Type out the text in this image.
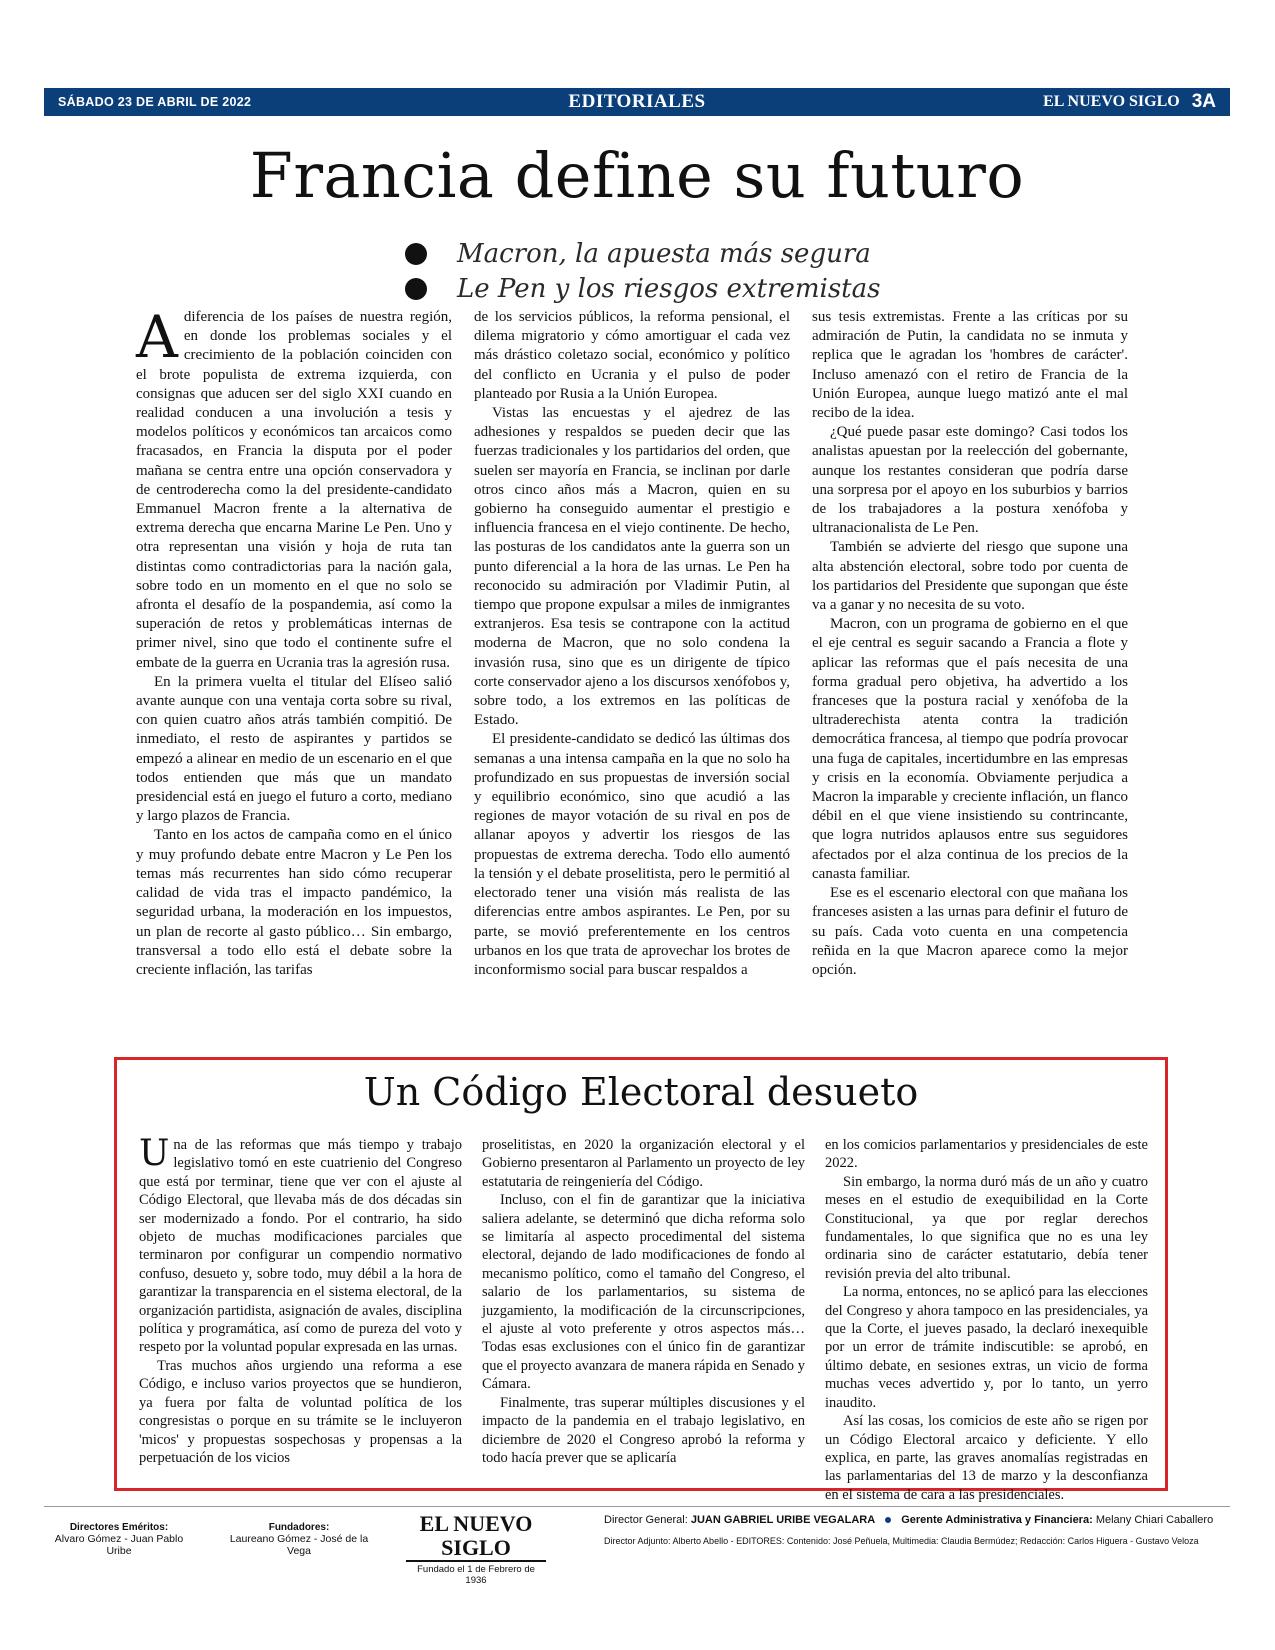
SÁBADO 23 DE ABRIL DE 2022	EDITORIALES	EL NUEVO SIGLO 3A
Francia define su futuro
Macron, la apuesta más segura
Le Pen y los riesgos extremistas

Adiferencia de los países de nuestra región, en donde los problemas sociales y el crecimiento de la población coinciden con el brote populista de extrema izquierda, con consignas que aducen ser del siglo XXI cuando en realidad conducen a una involución a tesis y modelos políticos y económicos tan arcaicos como fracasados, en Francia la disputa por el poder mañana se centra entre una opción conservadora y de centroderecha como la del presidente-candidato Emmanuel Macron frente a la alternativa de extrema derecha que encarna Marine Le Pen. Uno y otra representan una visión y hoja de ruta tan distintas como contradictorias para la nación gala, sobre todo en un momento en el que no solo se afronta el desafío de la pospandemia, así como la superación de retos y problemáticas internas de primer nivel, sino que todo el continente sufre el embate de la guerra en Ucrania tras la agresión rusa.

En la primera vuelta el titular del Elíseo salió avante aunque con una ventaja corta sobre su rival, con quien cuatro años atrás también compitió. De inmediato, el resto de aspirantes y partidos se empezó a alinear en medio de un escenario en el que todos entienden que más que un mandato presidencial está en juego el futuro a corto, mediano y largo plazos de Francia.

Tanto en los actos de campaña como en el único y muy profundo debate entre Macron y Le Pen los temas más recurrentes han sido cómo recuperar calidad de vida tras el impacto pandémico, la seguridad urbana, la moderación en los impuestos, un plan de recorte al gasto público… Sin embargo, transversal a todo ello está el debate sobre la creciente inflación, las tarifas

de los servicios públicos, la reforma pensional, el dilema migratorio y cómo amortiguar el cada vez más drástico coletazo social, económico y político del conflicto en Ucrania y el pulso de poder planteado por Rusia a la Unión Europea.

Vistas las encuestas y el ajedrez de las adhesiones y respaldos se pueden decir que las fuerzas tradicionales y los partidarios del orden, que suelen ser mayoría en Francia, se inclinan por darle otros cinco años más a Macron, quien en su gobierno ha conseguido aumentar el prestigio e influencia francesa en el viejo continente. De hecho, las posturas de los candidatos ante la guerra son un punto diferencial a la hora de las urnas. Le Pen ha reconocido su admiración por Vladimir Putin, al tiempo que propone expulsar a miles de inmigrantes extranjeros. Esa tesis se contrapone con la actitud moderna de Macron, que no solo condena la invasión rusa, sino que es un dirigente de típico corte conservador ajeno a los discursos xenófobos y, sobre todo, a los extremos en las políticas de Estado.

El presidente-candidato se dedicó las últimas dos semanas a una intensa campaña en la que no solo ha profundizado en sus propuestas de inversión social y equilibrio económico, sino que acudió a las regiones de mayor votación de su rival en pos de allanar apoyos y advertir los riesgos de las propuestas de extrema derecha. Todo ello aumentó la tensión y el debate proselitista, pero le permitió al electorado tener una visión más realista de las diferencias entre ambos aspirantes. Le Pen, por su parte, se movió preferentemente en los centros urbanos en los que trata de aprovechar los brotes de inconformismo social para buscar respaldos a

sus tesis extremistas. Frente a las críticas por su admiración de Putin, la candidata no se inmuta y replica que le agradan los 'hombres de carácter'. Incluso amenazó con el retiro de Francia de la Unión Europea, aunque luego matizó ante el mal recibo de la idea.

¿Qué puede pasar este domingo? Casi todos los analistas apuestan por la reelección del gobernante, aunque los restantes consideran que podría darse una sorpresa por el apoyo en los suburbios y barrios de los trabajadores a la postura xenófoba y ultranacionalista de Le Pen.

También se advierte del riesgo que supone una alta abstención electoral, sobre todo por cuenta de los partidarios del Presidente que supongan que éste va a ganar y no necesita de su voto.

Macron, con un programa de gobierno en el que el eje central es seguir sacando a Francia a flote y aplicar las reformas que el país necesita de una forma gradual pero objetiva, ha advertido a los franceses que la postura racial y xenófoba de la ultraderechista atenta contra la tradición democrática francesa, al tiempo que podría provocar una fuga de capitales, incertidumbre en las empresas y crisis en la economía. Obviamente perjudica a Macron la imparable y creciente inflación, un flanco débil en el que viene insistiendo su contrincante, que logra nutridos aplausos entre sus seguidores afectados por el alza continua de los precios de la canasta familiar.

Ese es el escenario electoral con que mañana los franceses asisten a las urnas para definir el futuro de su país. Cada voto cuenta en una competencia reñida en la que Macron aparece como la mejor opción.

Un Código Electoral desueto

Una de las reformas que más tiempo y trabajo legislativo tomó en este cuatrienio del Congreso que está por terminar, tiene que ver con el ajuste al Código Electoral, que llevaba más de dos décadas sin ser modernizado a fondo. Por el contrario, ha sido objeto de muchas modificaciones parciales que terminaron por configurar un compendio normativo confuso, desueto y, sobre todo, muy débil a la hora de garantizar la transparencia en el sistema electoral, de la organización partidista, asignación de avales, disciplina política y programática, así como de pureza del voto y respeto por la voluntad popular expresada en las urnas.

Tras muchos años urgiendo una reforma a ese Código, e incluso varios proyectos que se hundieron, ya fuera por falta de voluntad política de los congresistas o porque en su trámite se le incluyeron 'micos' y propuestas sospechosas y propensas a la perpetuación de los vicios

proselitistas, en 2020 la organización electoral y el Gobierno presentaron al Parlamento un proyecto de ley estatutaria de reingeniería del Código.

Incluso, con el fin de garantizar que la iniciativa saliera adelante, se determinó que dicha reforma solo se limitaría al aspecto procedimental del sistema electoral, dejando de lado modificaciones de fondo al mecanismo político, como el tamaño del Congreso, el salario de los parlamentarios, su sistema de juzgamiento, la modificación de la circunscripciones, el ajuste al voto preferente y otros aspectos más… Todas esas exclusiones con el único fin de garantizar que el proyecto avanzara de manera rápida en Senado y Cámara.

Finalmente, tras superar múltiples discusiones y el impacto de la pandemia en el trabajo legislativo, en diciembre de 2020 el Congreso aprobó la reforma y todo hacía prever que se aplicaría

en los comicios parlamentarios y presidenciales de este 2022.

Sin embargo, la norma duró más de un año y cuatro meses en el estudio de exequibilidad en la Corte Constitucional, ya que por reglar derechos fundamentales, lo que significa que no es una ley ordinaria sino de carácter estatutario, debía tener revisión previa del alto tribunal.

La norma, entonces, no se aplicó para las elecciones del Congreso y ahora tampoco en las presidenciales, ya que la Corte, el jueves pasado, la declaró inexequible por un error de trámite indiscutible: se aprobó, en último debate, en sesiones extras, un vicio de forma muchas veces advertido y, por lo tanto, un yerro inaudito.

Así las cosas, los comicios de este año se rigen por un Código Electoral arcaico y deficiente. Y ello explica, en parte, las graves anomalías registradas en las parlamentarias del 13 de marzo y la desconfianza en el sistema de cara a las presidenciales.

Directores Eméritos:
Alvaro Gómez - Juan Pablo Uribe
Fundadores:
Laureano Gómez - José de la Vega
EL NUEVO SIGLO
Fundado el 1 de Febrero de 1936
Director General: JUAN GABRIEL URIBE VEGALARA Gerente Administrativa y Financiera: Melany Chiari Caballero
Director Adjunto: Alberto Abello - EDITORES: Contenido: José Peñuela, Multimedia: Claudia Bermúdez; Redacción: Carlos Higuera - Gustavo Veloza
